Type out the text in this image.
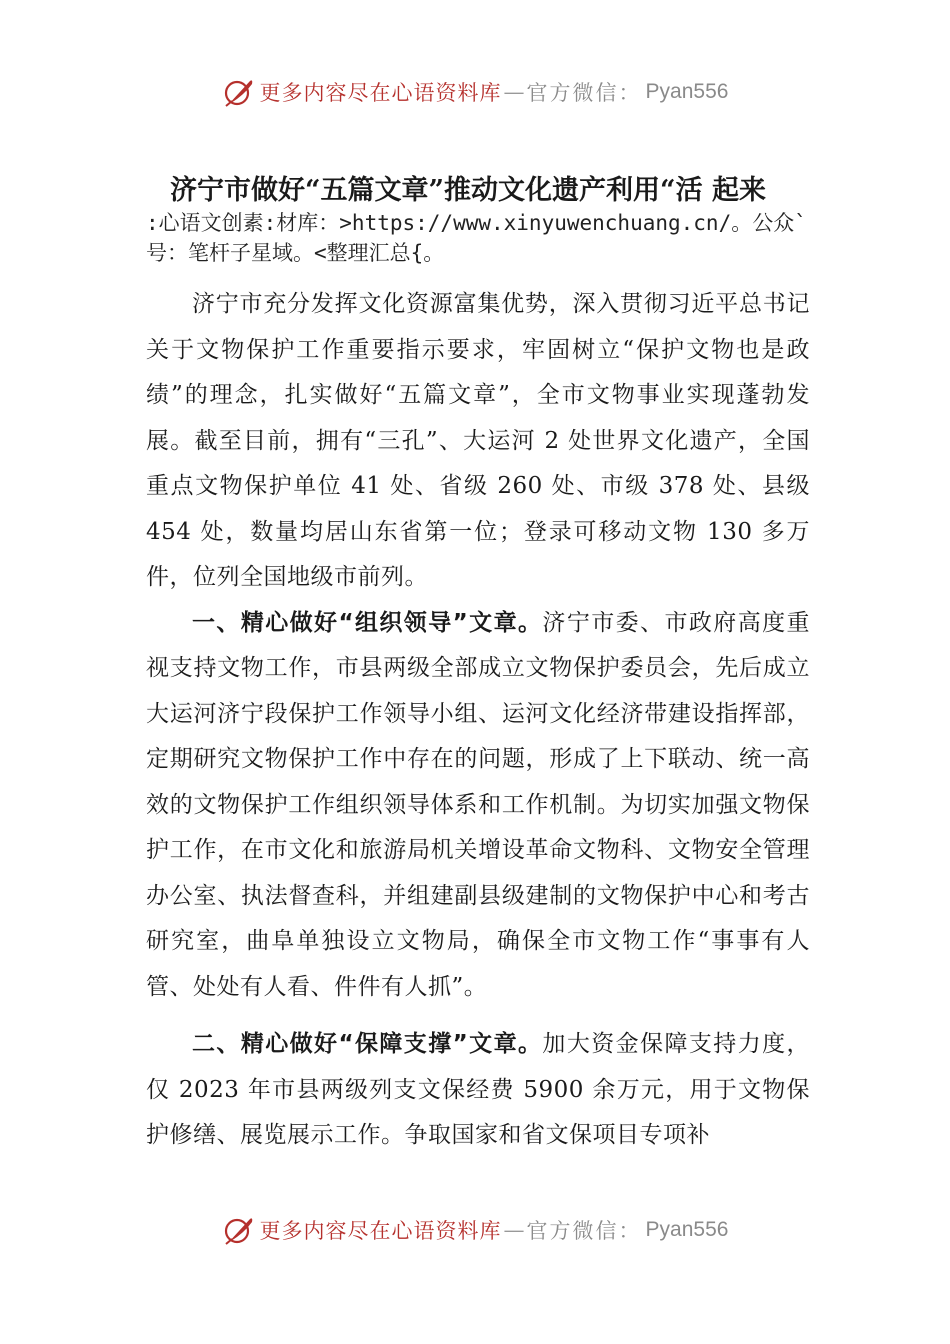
更多内容尽在心语资料库 — 官方微信： Pyan556
济宁市做好“五篇文章”推动文化遗产利用“活 起来
:心语文创素:材库：>https://www.xinyuwenchuang.cn/。公众`号：笔杆子星域。<整理汇总{。

济宁市充分发挥文化资源富集优势，深入贯彻习近平总书记关于文物保护工作重要指示要求，牢固树立“保护文物也是政绩”的理念，扎实做好“五篇文章”，全市文物事业实现蓬勃发展。截至目前，拥有“三孔”、大运河 2 处世界文化遗产，全国重点文物保护单位 41 处、省级 260 处、市级 378 处、县级 454 处，数量均居山东省第一位；登录可移动文物 130 多万件，位列全国地级市前列。

一、精心做好“组织领导”文章。济宁市委、市政府高度重视支持文物工作，市县两级全部成立文物保护委员会，先后成立大运河济宁段保护工作领导小组、运河文化经济带建设指挥部，定期研究文物保护工作中存在的问题，形成了上下联动、统一高效的文物保护工作组织领导体系和工作机制。为切实加强文物保护工作，在市文化和旅游局机关增设革命文物科、文物安全管理办公室、执法督查科，并组建副县级建制的文物保护中心和考古研究室，曲阜单独设立文物局，确保全市文物工作“事事有人管、处处有人看、件件有人抓”。

二、精心做好“保障支撑”文章。加大资金保障支持力度，仅 2023 年市县两级列支文保经费 5900 余万元，用于文物保护修缮、展览展示工作。争取国家和省文保项目专项补

更多内容尽在心语资料库 — 官方微信： Pyan556
